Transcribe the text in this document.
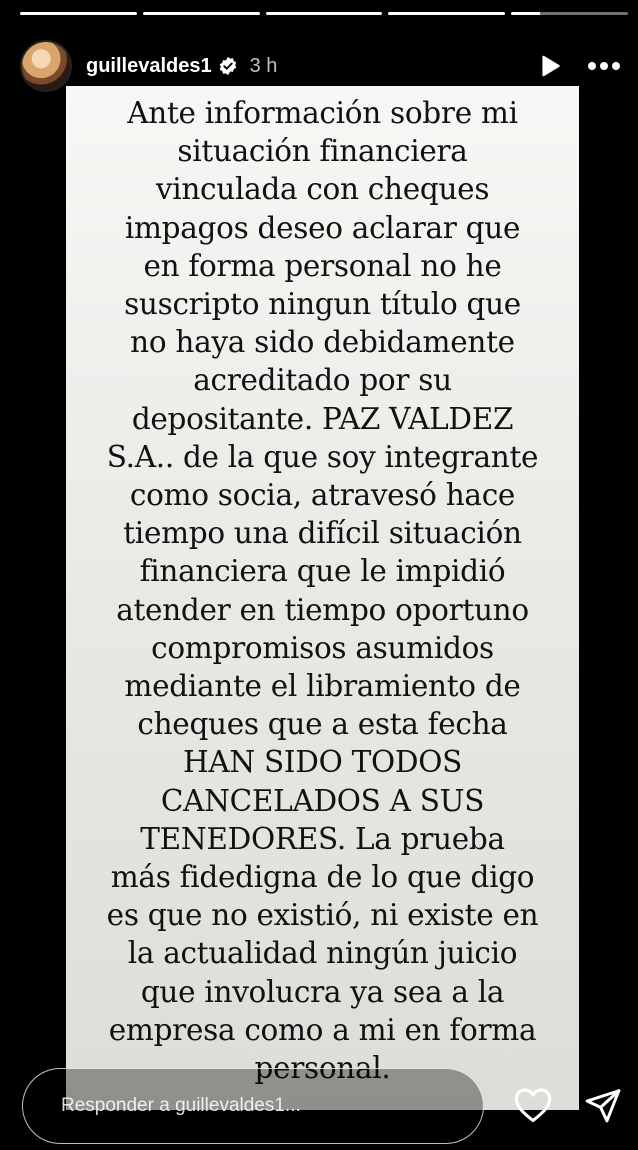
guillevaldes1 3 h

Ante información sobre mi
situación financiera
vinculada con cheques
impagos deseo aclarar que
en forma personal no he
suscripto ningun título que
no haya sido debidamente
acreditado por su
depositante. PAZ VALDEZ
S.A.. de la que soy integrante
como socia, atravesó hace
tiempo una difícil situación
financiera que le impidió
atender en tiempo oportuno
compromisos asumidos
mediante el libramiento de
cheques que a esta fecha
HAN SIDO TODOS
CANCELADOS A SUS
TENEDORES. La prueba
más fidedigna de lo que digo
es que no existió, ni existe en
la actualidad ningún juicio
que involucra ya sea a la
empresa como a mi en forma
personal.

Responder a guillevaldes1...
